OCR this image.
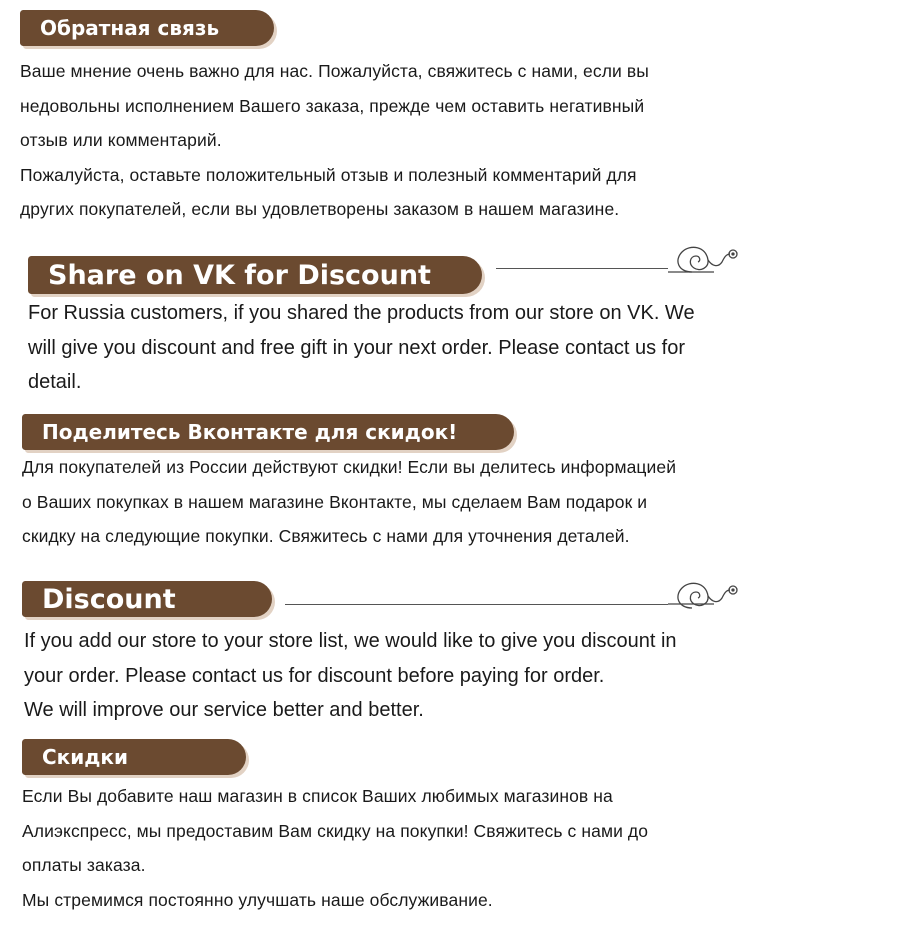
Обратная связь

Ваше мнение очень важно для нас. Пожалуйста, свяжитесь с нами, если вы

недовольны исполнением Вашего заказа, прежде чем оставить негативный

отзыв или комментарий.

Пожалуйста, оставьте положительный отзыв и полезный комментарий для

других покупателей, если вы удовлетворены заказом в нашем магазине.

Share on VK for Discount

For Russia customers, if you shared the products from our store on VK. We

will give you discount and free gift in your next order. Please contact us for

detail.

Поделитесь Вконтакте для скидок!

Для покупателей из России действуют скидки! Если вы делитесь информацией

о Ваших покупках в нашем магазине Вконтакте, мы сделаем Вам подарок и

скидку на следующие покупки. Свяжитесь с нами для уточнения деталей.

Discount

If you add our store to your store list, we would like to give you discount in

your order. Please contact us for discount before paying for order.

We will improve our service better and better.

Скидки

Если Вы добавите наш магазин в список Ваших любимых магазинов на

Алиэкспресс, мы предоставим Вам скидку на покупки! Свяжитесь с нами до

оплаты заказа.

Мы стремимся постоянно улучшать наше обслуживание.
